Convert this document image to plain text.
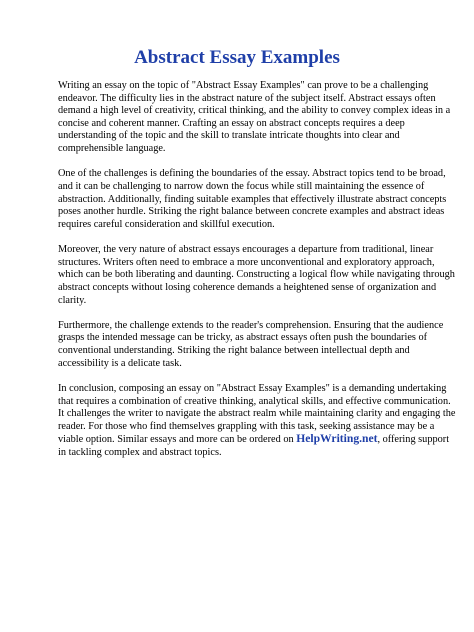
Abstract Essay Examples

Writing an essay on the topic of "Abstract Essay Examples" can prove to be a challenging endeavor. The difficulty lies in the abstract nature of the subject itself. Abstract essays often demand a high level of creativity, critical thinking, and the ability to convey complex ideas in a concise and coherent manner. Crafting an essay on abstract concepts requires a deep understanding of the topic and the skill to translate intricate thoughts into clear and comprehensible language.

One of the challenges is defining the boundaries of the essay. Abstract topics tend to be broad, and it can be challenging to narrow down the focus while still maintaining the essence of abstraction. Additionally, finding suitable examples that effectively illustrate abstract concepts poses another hurdle. Striking the right balance between concrete examples and abstract ideas requires careful consideration and skillful execution.

Moreover, the very nature of abstract essays encourages a departure from traditional, linear structures. Writers often need to embrace a more unconventional and exploratory approach, which can be both liberating and daunting. Constructing a logical flow while navigating through abstract concepts without losing coherence demands a heightened sense of organization and clarity.

Furthermore, the challenge extends to the reader's comprehension. Ensuring that the audience grasps the intended message can be tricky, as abstract essays often push the boundaries of conventional understanding. Striking the right balance between intellectual depth and accessibility is a delicate task.

In conclusion, composing an essay on "Abstract Essay Examples" is a demanding undertaking that requires a combination of creative thinking, analytical skills, and effective communication. It challenges the writer to navigate the abstract realm while maintaining clarity and engaging the reader. For those who find themselves grappling with this task, seeking assistance may be a viable option. Similar essays and more can be ordered on HelpWriting.net, offering support in tackling complex and abstract topics.
